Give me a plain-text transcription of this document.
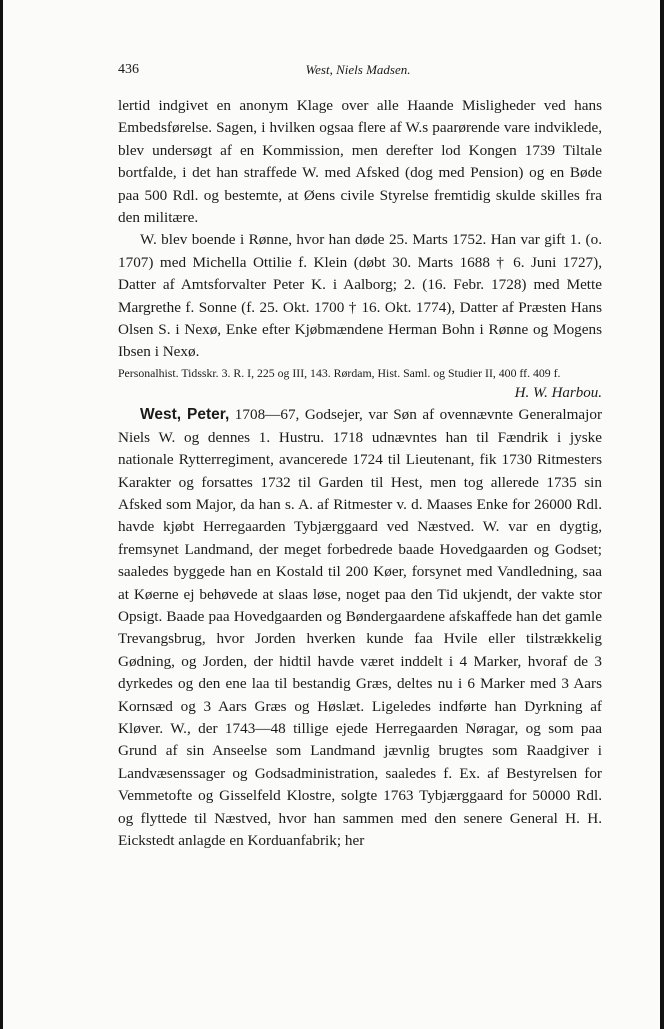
436	West, Niels Madsen.

lertid indgivet en anonym Klage over alle Haande Misligheder ved hans Embedsførelse. Sagen, i hvilken ogsaa flere af W.s paarørende vare indviklede, blev undersøgt af en Kommission, men derefter lod Kongen 1739 Tiltale bortfalde, i det han straffede W. med Afsked (dog med Pension) og en Bøde paa 500 Rdl. og bestemte, at Øens civile Styrelse fremtidig skulde skilles fra den militære.

W. blev boende i Rønne, hvor han døde 25. Marts 1752. Han var gift 1. (o. 1707) med Michella Ottilie f. Klein (døbt 30. Marts 1688 † 6. Juni 1727), Datter af Amtsforvalter Peter K. i Aalborg; 2. (16. Febr. 1728) med Mette Margrethe f. Sonne (f. 25. Okt. 1700 † 16. Okt. 1774), Datter af Præsten Hans Olsen S. i Nexø, Enke efter Kjøbmændene Herman Bohn i Rønne og Mogens Ibsen i Nexø.

Personalhist. Tidsskr. 3. R. I, 225 og III, 143. Rørdam, Hist. Saml. og Studier II, 400 ff. 409 f.

H. W. Harbou.

West, Peter, 1708—67, Godsejer, var Søn af ovennævnte Generalmajor Niels W. og dennes 1. Hustru. 1718 udnævntes han til Fændrik i jyske nationale Rytterregiment, avancerede 1724 til Lieutenant, fik 1730 Ritmesters Karakter og forsattes 1732 til Garden til Hest, men tog allerede 1735 sin Afsked som Major, da han s. A. af Ritmester v. d. Maases Enke for 26000 Rdl. havde kjøbt Herregaarden Tybjærggaard ved Næstved. W. var en dygtig, fremsynet Landmand, der meget forbedrede baade Hovedgaarden og Godset; saaledes byggede han en Kostald til 200 Køer, forsynet med Vandledning, saa at Køerne ej behøvede at slaas løse, noget paa den Tid ukjendt, der vakte stor Opsigt. Baade paa Hovedgaarden og Bøndergaardene afskaffede han det gamle Trevangsbrug, hvor Jorden hverken kunde faa Hvile eller tilstrækkelig Gødning, og Jorden, der hidtil havde været inddelt i 4 Marker, hvoraf de 3 dyrkedes og den ene laa til bestandig Græs, deltes nu i 6 Marker med 3 Aars Kornsæd og 3 Aars Græs og Høslæt. Ligeledes indførte han Dyrkning af Kløver. W., der 1743—48 tillige ejede Herregaarden Nøragar, og som paa Grund af sin Anseelse som Landmand jævnlig brugtes som Raadgiver i Landvæsenssager og Godsadministration, saaledes f. Ex. af Bestyrelsen for Vemmetofte og Gisselfeld Klostre, solgte 1763 Tybjærggaard for 50000 Rdl. og flyttede til Næstved, hvor han sammen med den senere General H. H. Eickstedt anlagde en Korduanfabrik; her
